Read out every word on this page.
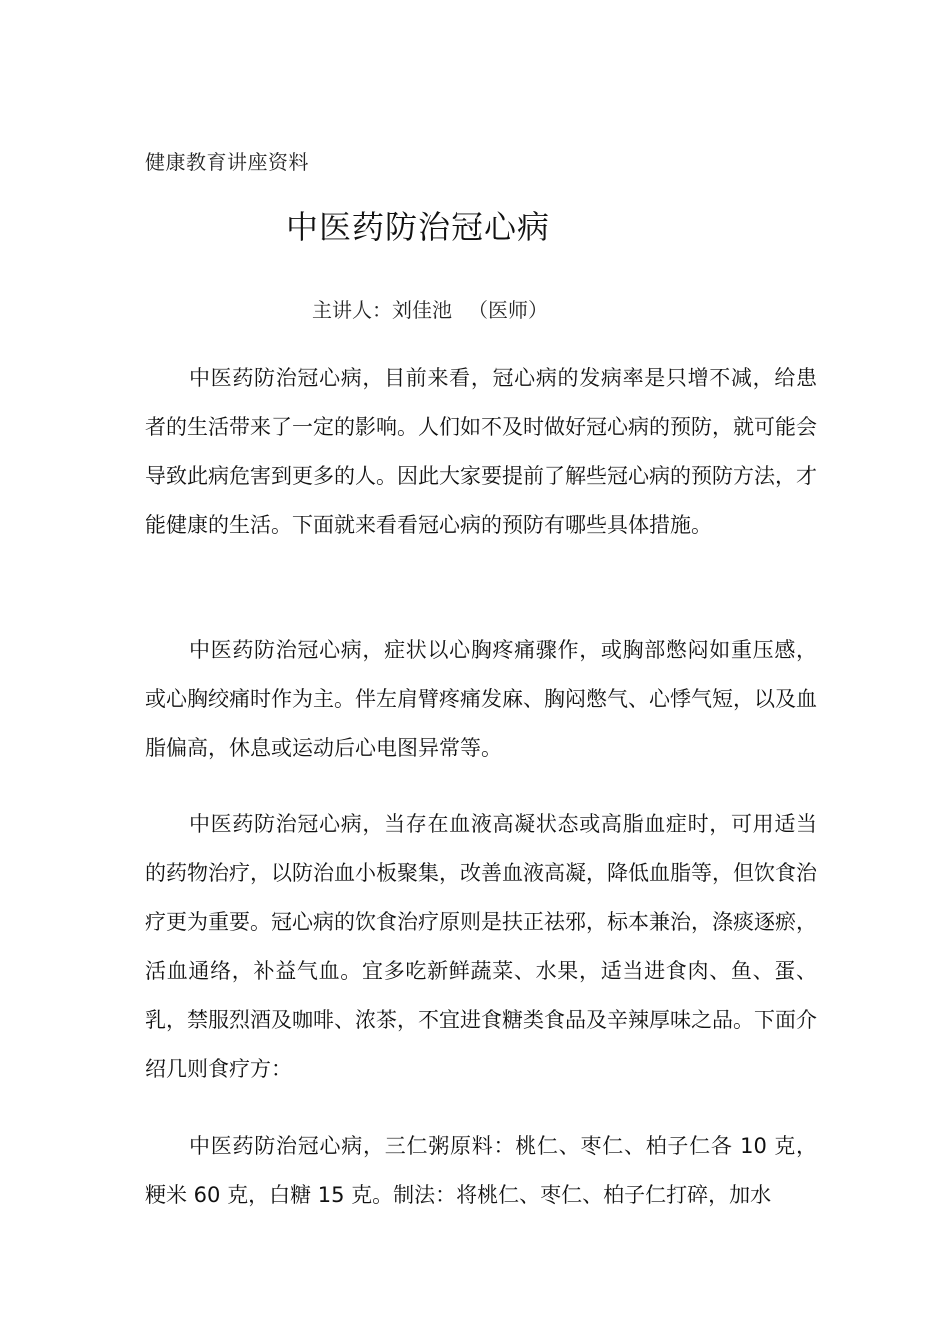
健康教育讲座资料
中医药防治冠心病
主讲人：刘佳池 （医师）

中医药防治冠心病，目前来看，冠心病的发病率是只增不减，给患者的生活带来了一定的影响。人们如不及时做好冠心病的预防，就可能会导致此病危害到更多的人。因此大家要提前了解些冠心病的预防方法，才能健康的生活。下面就来看看冠心病的预防有哪些具体措施。

中医药防治冠心病，症状以心胸疼痛骤作，或胸部憋闷如重压感，或心胸绞痛时作为主。伴左肩臂疼痛发麻、胸闷憋气、心悸气短，以及血脂偏高，休息或运动后心电图异常等。

中医药防治冠心病，当存在血液高凝状态或高脂血症时，可用适当的药物治疗，以防治血小板聚集，改善血液高凝，降低血脂等，但饮食治疗更为重要。冠心病的饮食治疗原则是扶正祛邪，标本兼治，涤痰逐瘀，活血通络，补益气血。宜多吃新鲜蔬菜、水果，适当进食肉、鱼、蛋、乳，禁服烈酒及咖啡、浓茶，不宜进食糖类食品及辛辣厚味之品。下面介绍几则食疗方：

中医药防治冠心病，三仁粥原料：桃仁、枣仁、柏子仁各 10 克，粳米 60 克，白糖 15 克。制法：将桃仁、枣仁、柏子仁打碎，加水
